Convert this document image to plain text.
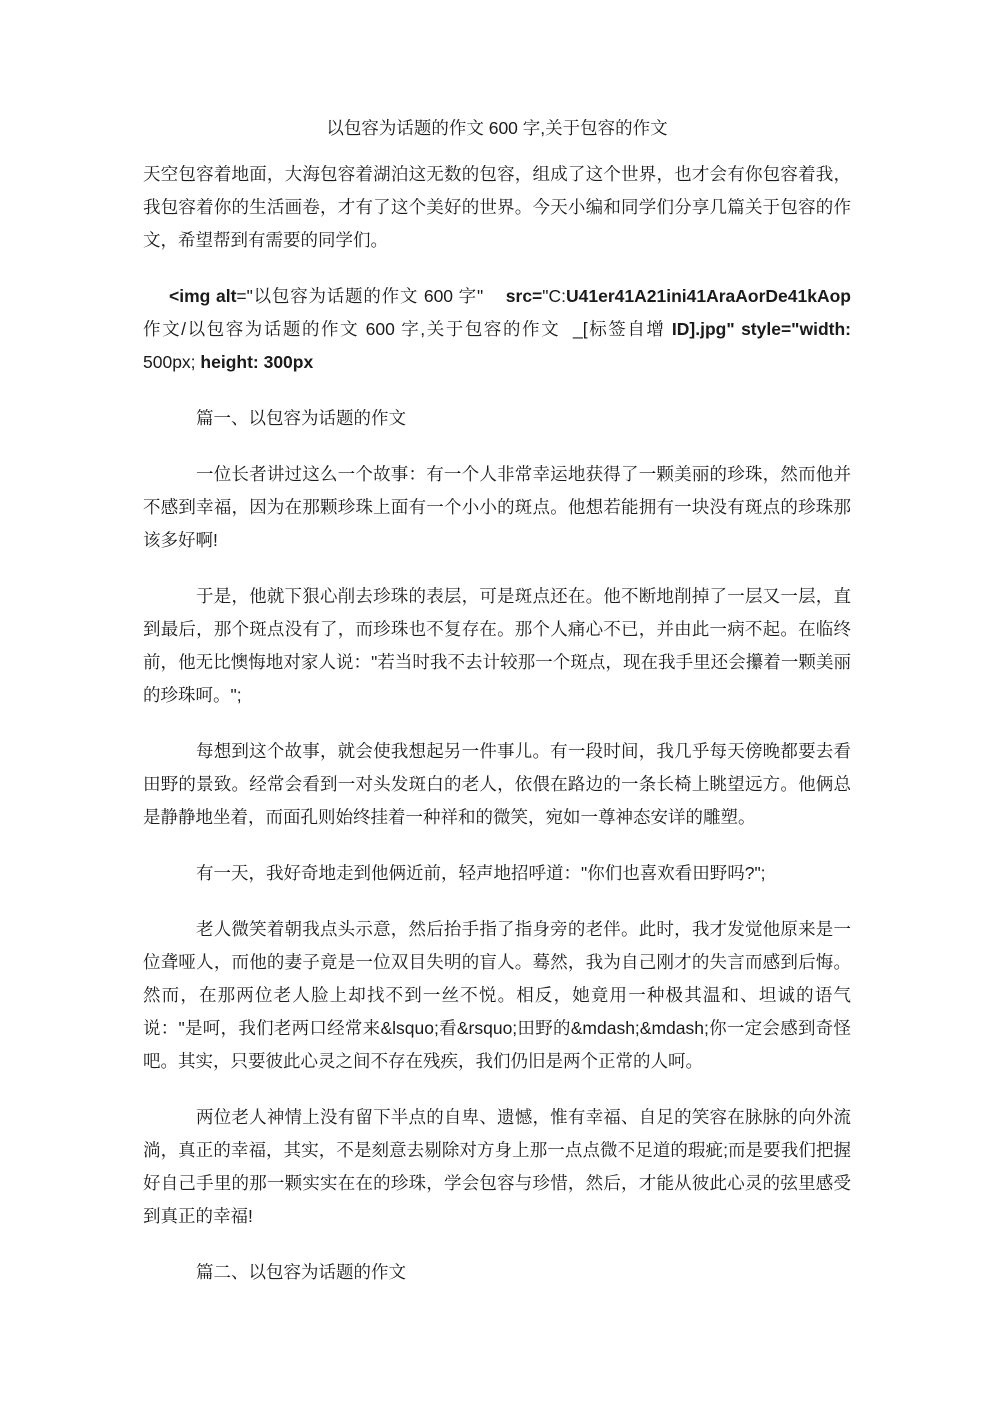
以包容为话题的作文 600 字,关于包容的作文

天空包容着地面，大海包容着湖泊这无数的包容，组成了这个世界，也才会有你包容着我，我包容着你的生活画卷，才有了这个美好的世界。今天小编和同学们分享几篇关于包容的作文，希望帮到有需要的同学们。

<img alt="以包容为话题的作文 600 字"    src="C:U41er41A21ini41AraAorDe41kAop 作文/以包容为话题的作文 600 字,关于包容的作文  _[标签自增 ID].jpg" style="width: 500px; height: 300px

篇一、以包容为话题的作文

一位长者讲过这么一个故事：有一个人非常幸运地获得了一颗美丽的珍珠，然而他并不感到幸福，因为在那颗珍珠上面有一个小小的斑点。他想若能拥有一块没有斑点的珍珠那该多好啊!

于是，他就下狠心削去珍珠的表层，可是斑点还在。他不断地削掉了一层又一层，直到最后，那个斑点没有了，而珍珠也不复存在。那个人痛心不已，并由此一病不起。在临终前，他无比懊悔地对家人说："若当时我不去计较那一个斑点，现在我手里还会攥着一颗美丽的珍珠呵。";

每想到这个故事，就会使我想起另一件事儿。有一段时间，我几乎每天傍晚都要去看田野的景致。经常会看到一对头发斑白的老人，依偎在路边的一条长椅上眺望远方。他俩总是静静地坐着，而面孔则始终挂着一种祥和的微笑，宛如一尊神态安详的雕塑。

有一天，我好奇地走到他俩近前，轻声地招呼道："你们也喜欢看田野吗?";

老人微笑着朝我点头示意，然后抬手指了指身旁的老伴。此时，我才发觉他原来是一位聋哑人，而他的妻子竟是一位双目失明的盲人。蓦然，我为自己刚才的失言而感到后悔。然而，在那两位老人脸上却找不到一丝不悦。相反，她竟用一种极其温和、坦诚的语气说："是呵，我们老两口经常来&lsquo;看&rsquo;田野的&mdash;&mdash;你一定会感到奇怪吧。其实，只要彼此心灵之间不存在残疾，我们仍旧是两个正常的人呵。

两位老人神情上没有留下半点的自卑、遗憾，惟有幸福、自足的笑容在脉脉的向外流淌，真正的幸福，其实，不是刻意去剔除对方身上那一点点微不足道的瑕疵;而是要我们把握好自己手里的那一颗实实在在的珍珠，学会包容与珍惜，然后，才能从彼此心灵的弦里感受到真正的幸福!

篇二、以包容为话题的作文
